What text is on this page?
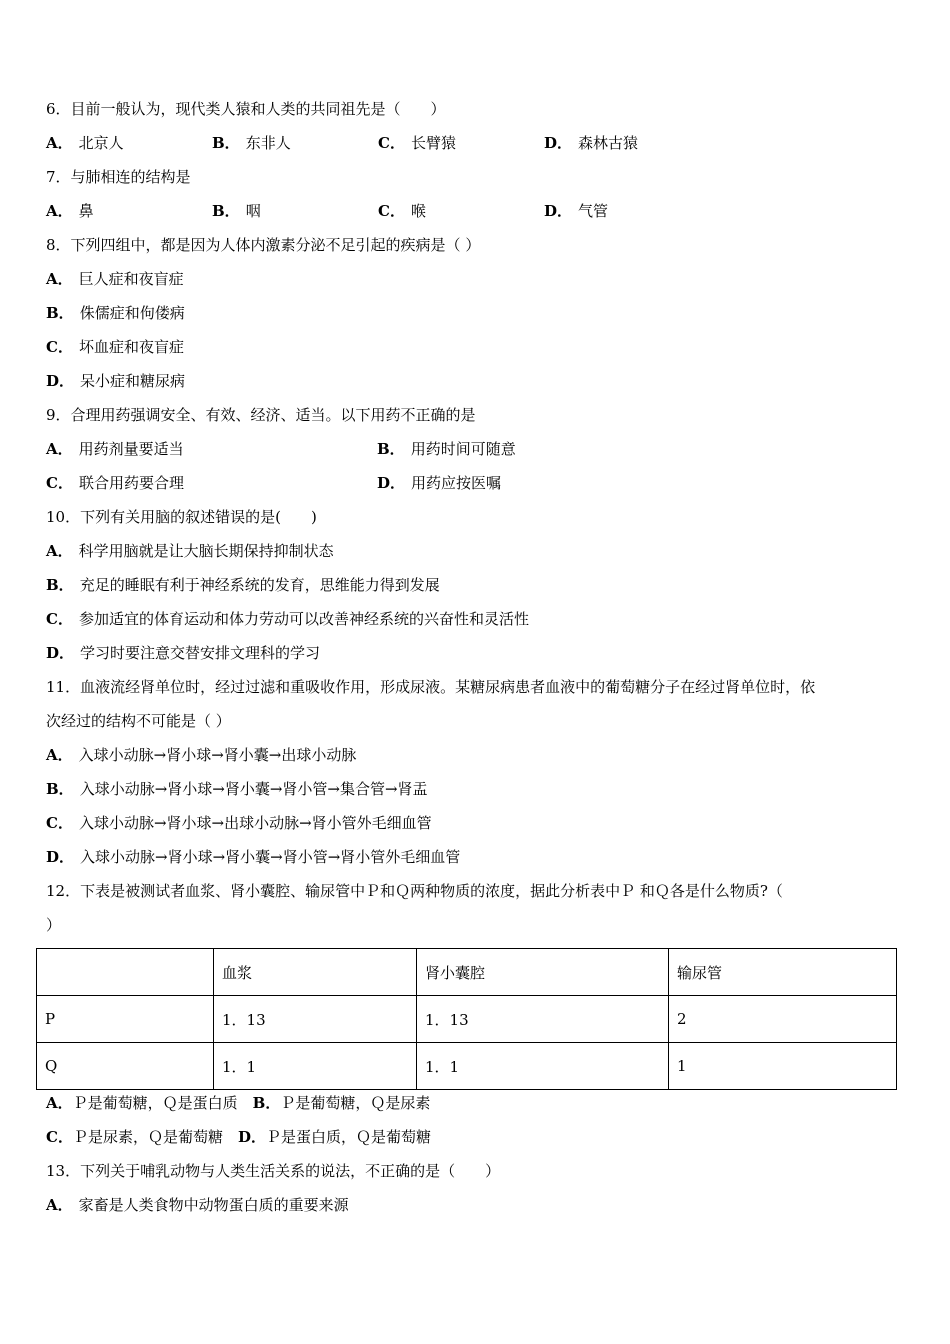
6．目前一般认为，现代类人猿和人类的共同祖先是（　　）
A． 北京人	B． 东非人	C． 长臂猿	D． 森林古猿
7．与肺相连的结构是
A． 鼻	B． 咽	C． 喉	D． 气管
8．下列四组中，都是因为人体内激素分泌不足引起的疾病是（ ）
A． 巨人症和夜盲症
B． 侏儒症和佝偻病
C． 坏血症和夜盲症
D． 呆小症和糖尿病
9．合理用药强调安全、有效、经济、适当。以下用药不正确的是
A． 用药剂量要适当	B． 用药时间可随意
C． 联合用药要合理	D． 用药应按医嘱
10．下列有关用脑的叙述错误的是(　　)
A． 科学用脑就是让大脑长期保持抑制状态
B． 充足的睡眠有利于神经系统的发育，思维能力得到发展
C． 参加适宜的体育运动和体力劳动可以改善神经系统的兴奋性和灵活性
D． 学习时要注意交替安排文理科的学习
11．血液流经肾单位时，经过过滤和重吸收作用，形成尿液。某糖尿病患者血液中的葡萄糖分子在经过肾单位时，依
次经过的结构不可能是（ ）
A． 入球小动脉→肾小球→肾小囊→出球小动脉
B． 入球小动脉→肾小球→肾小囊→肾小管→集合管→肾盂
C． 入球小动脉→肾小球→出球小动脉→肾小管外毛细血管
D． 入球小动脉→肾小球→肾小囊→肾小管→肾小管外毛细血管
12．下表是被测试者血浆、肾小囊腔、输尿管中Ｐ和Ｑ两种物质的浓度，据此分析表中Ｐ 和Ｑ各是什么物质?（
）
	血浆	肾小囊腔	输尿管
P	1．13	1．13	2
Q	1．1	1．1	1
A．Ｐ是葡萄糖，Ｑ是蛋白质　 B．Ｐ是葡萄糖，Ｑ是尿素
C．Ｐ是尿素，Ｑ是葡萄糖　 D．Ｐ是蛋白质，Ｑ是葡萄糖
13．下列关于哺乳动物与人类生活关系的说法，不正确的是（　　）
A． 家畜是人类食物中动物蛋白质的重要来源
